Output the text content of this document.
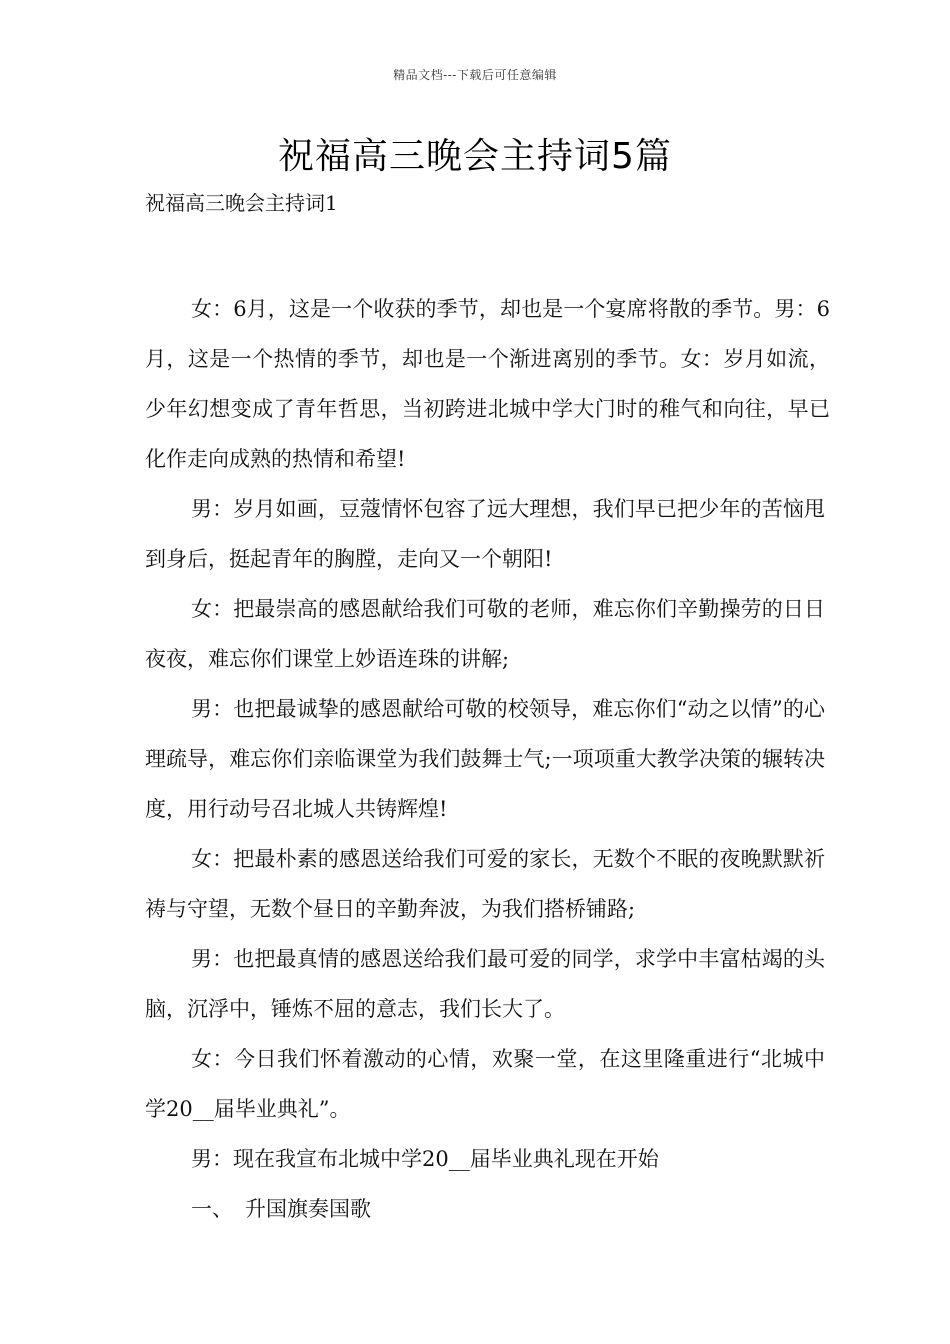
精品文档---下载后可任意编辑
祝福高三晚会主持词5篇
祝福高三晚会主持词1

女：6月，这是一个收获的季节，却也是一个宴席将散的季节。男：6月，这是一个热情的季节，却也是一个渐进离别的季节。女：岁月如流，少年幻想变成了青年哲思，当初跨进北城中学大门时的稚气和向往，早已化作走向成熟的热情和希望!

男：岁月如画，豆蔻情怀包容了远大理想，我们早已把少年的苦恼甩到身后，挺起青年的胸膛，走向又一个朝阳!

女：把最崇高的感恩献给我们可敬的老师，难忘你们辛勤操劳的日日夜夜，难忘你们课堂上妙语连珠的讲解;

男：也把最诚挚的感恩献给可敬的校领导，难忘你们“动之以情”的心理疏导，难忘你们亲临课堂为我们鼓舞士气;一项项重大教学决策的辗转决度，用行动号召北城人共铸辉煌!

女：把最朴素的感恩送给我们可爱的家长，无数个不眠的夜晚默默祈祷与守望，无数个昼日的辛勤奔波，为我们搭桥铺路;

男：也把最真情的感恩送给我们最可爱的同学，求学中丰富枯竭的头脑，沉浮中，锤炼不屈的意志，我们长大了。

女：今日我们怀着激动的心情，欢聚一堂，在这里隆重进行“北城中学20__届毕业典礼”。

男：现在我宣布北城中学20__届毕业典礼现在开始

一、 升国旗奏国歌
